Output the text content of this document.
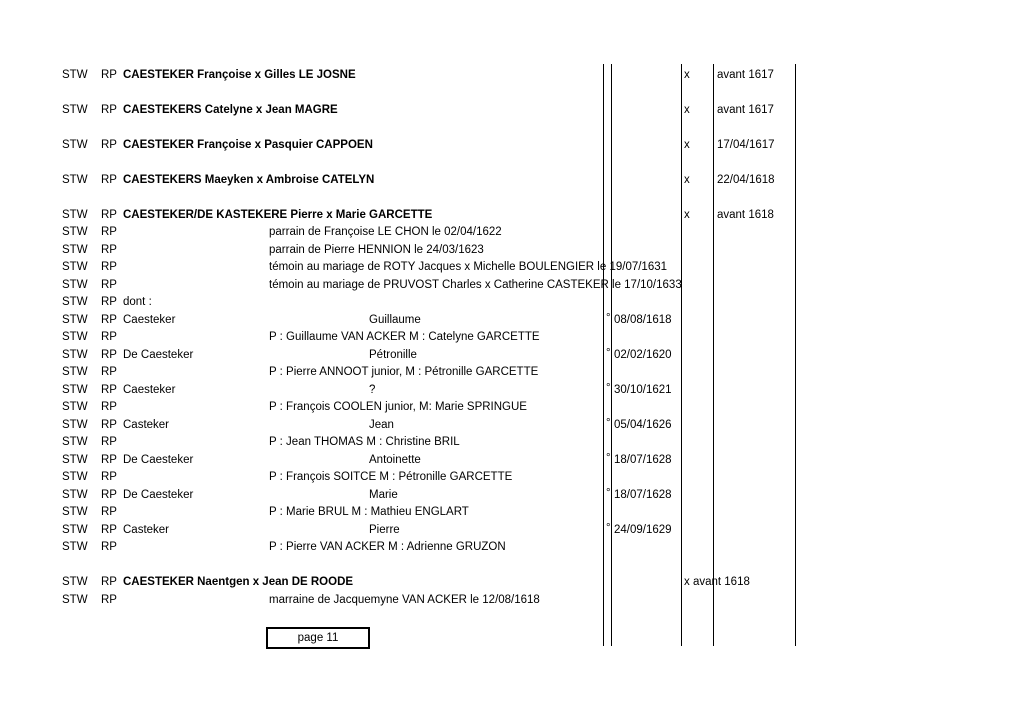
STW RP CAESTEKER Françoise x Gilles LE JOSNE	x avant 1617
STW RP CAESTEKERS Catelyne x Jean MAGRE	x avant 1617
STW RP CAESTEKER Françoise x Pasquier CAPPOEN	x 17/04/1617
STW RP CAESTEKERS Maeyken x Ambroise CATELYN	x 22/04/1618
STW RP CAESTEKER/DE KASTEKERE Pierre x Marie GARCETTE	x avant 1618
STW RP	parrain de Françoise LE CHON le 02/04/1622
STW RP	parrain de Pierre HENNION le 24/03/1623
STW RP	témoin au mariage de ROTY Jacques x Michelle BOULENGIER le 19/07/1631
STW RP	témoin au mariage de PRUVOST Charles x Catherine CASTEKER le 17/10/1633
STW RP dont :
STW RP Caesteker	Guillaume	° 08/08/1618
STW RP	P : Guillaume VAN ACKER M : Catelyne GARCETTE
STW RP De Caesteker	Pétronille	° 02/02/1620
STW RP	P : Pierre ANNOOT junior, M : Pétronille GARCETTE
STW RP Caesteker	?	° 30/10/1621
STW RP	P : François COOLEN junior, M: Marie SPRINGUE
STW RP Casteker	Jean	° 05/04/1626
STW RP	P : Jean THOMAS M : Christine BRIL
STW RP De Caesteker	Antoinette	° 18/07/1628
STW RP	P : François SOITCE M : Pétronille GARCETTE
STW RP De Caesteker	Marie	° 18/07/1628
STW RP	P : Marie BRUL M : Mathieu ENGLART
STW RP Casteker	Pierre	° 24/09/1629
STW RP	P : Pierre VAN ACKER M : Adrienne GRUZON
STW RP CAESTEKER Naentgen x Jean DE ROODE	x avant 1618
STW RP	marraine de Jacquemyne VAN ACKER le 12/08/1618
page 11
